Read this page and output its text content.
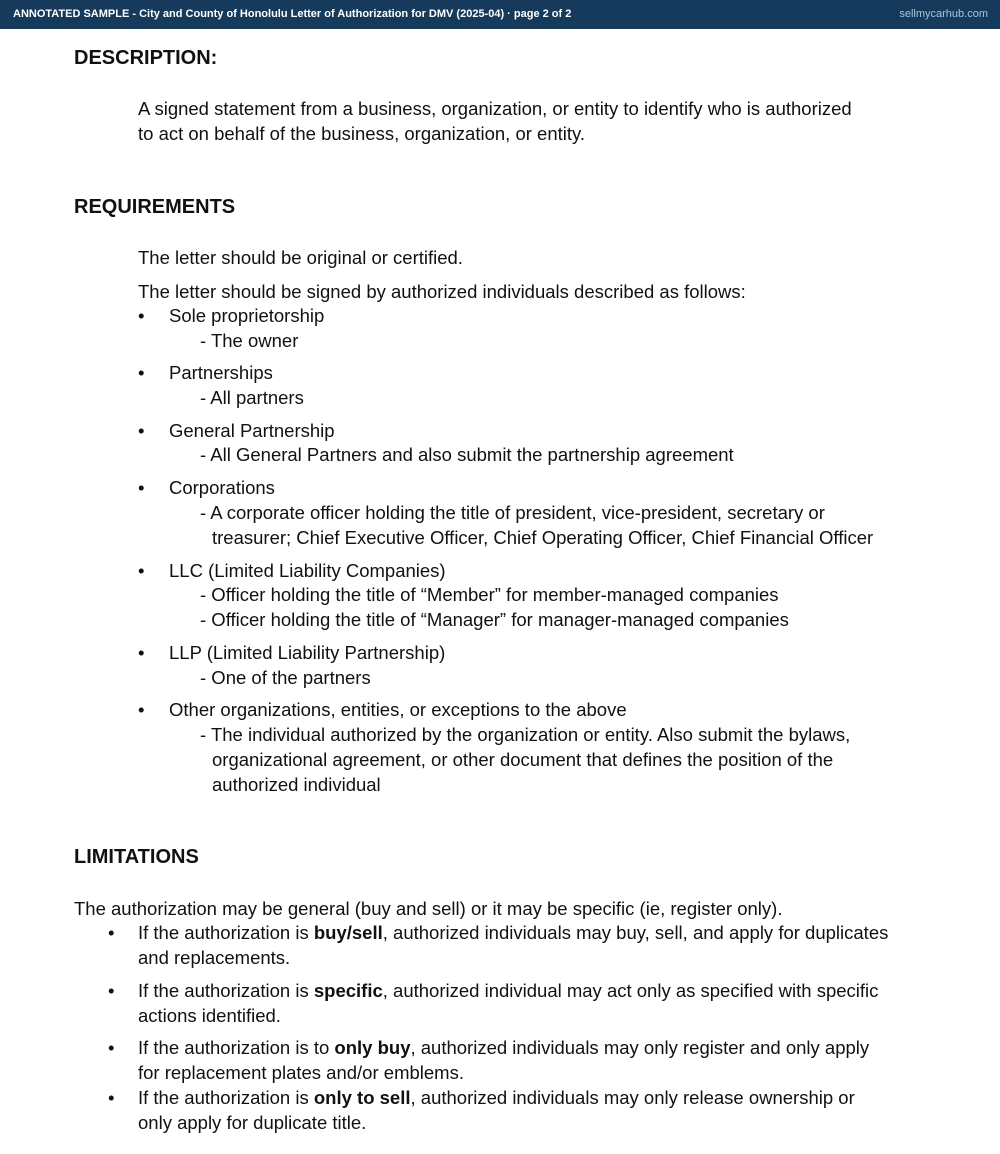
ANNOTATED SAMPLE - City and County of Honolulu Letter of Authorization for DMV (2025-04) · page 2 of 2	sellmycarhub.com
DESCRIPTION:
A signed statement from a business, organization, or entity to identify who is authorized
to act on behalf of the business, organization, or entity.
REQUIREMENTS
The letter should be original or certified.
The letter should be signed by authorized individuals described as follows:
• Sole proprietorship
- The owner
• Partnerships
- All partners
• General Partnership
- All General Partners and also submit the partnership agreement
• Corporations
- A corporate officer holding the title of president, vice-president, secretary or
treasurer; Chief Executive Officer, Chief Operating Officer, Chief Financial Officer
• LLC (Limited Liability Companies)
- Officer holding the title of “Member” for member-managed companies
- Officer holding the title of “Manager” for manager-managed companies
• LLP (Limited Liability Partnership)
- One of the partners
• Other organizations, entities, or exceptions to the above
- The individual authorized by the organization or entity. Also submit the bylaws,
organizational agreement, or other document that defines the position of the
authorized individual
LIMITATIONS
The authorization may be general (buy and sell) or it may be specific (ie, register only).
• If the authorization is buy/sell, authorized individuals may buy, sell, and apply for duplicates
and replacements.
• If the authorization is specific, authorized individual may act only as specified with specific
actions identified.
• If the authorization is to only buy, authorized individuals may only register and only apply
for replacement plates and/or emblems.
• If the authorization is only to sell, authorized individuals may only release ownership or
only apply for duplicate title.
